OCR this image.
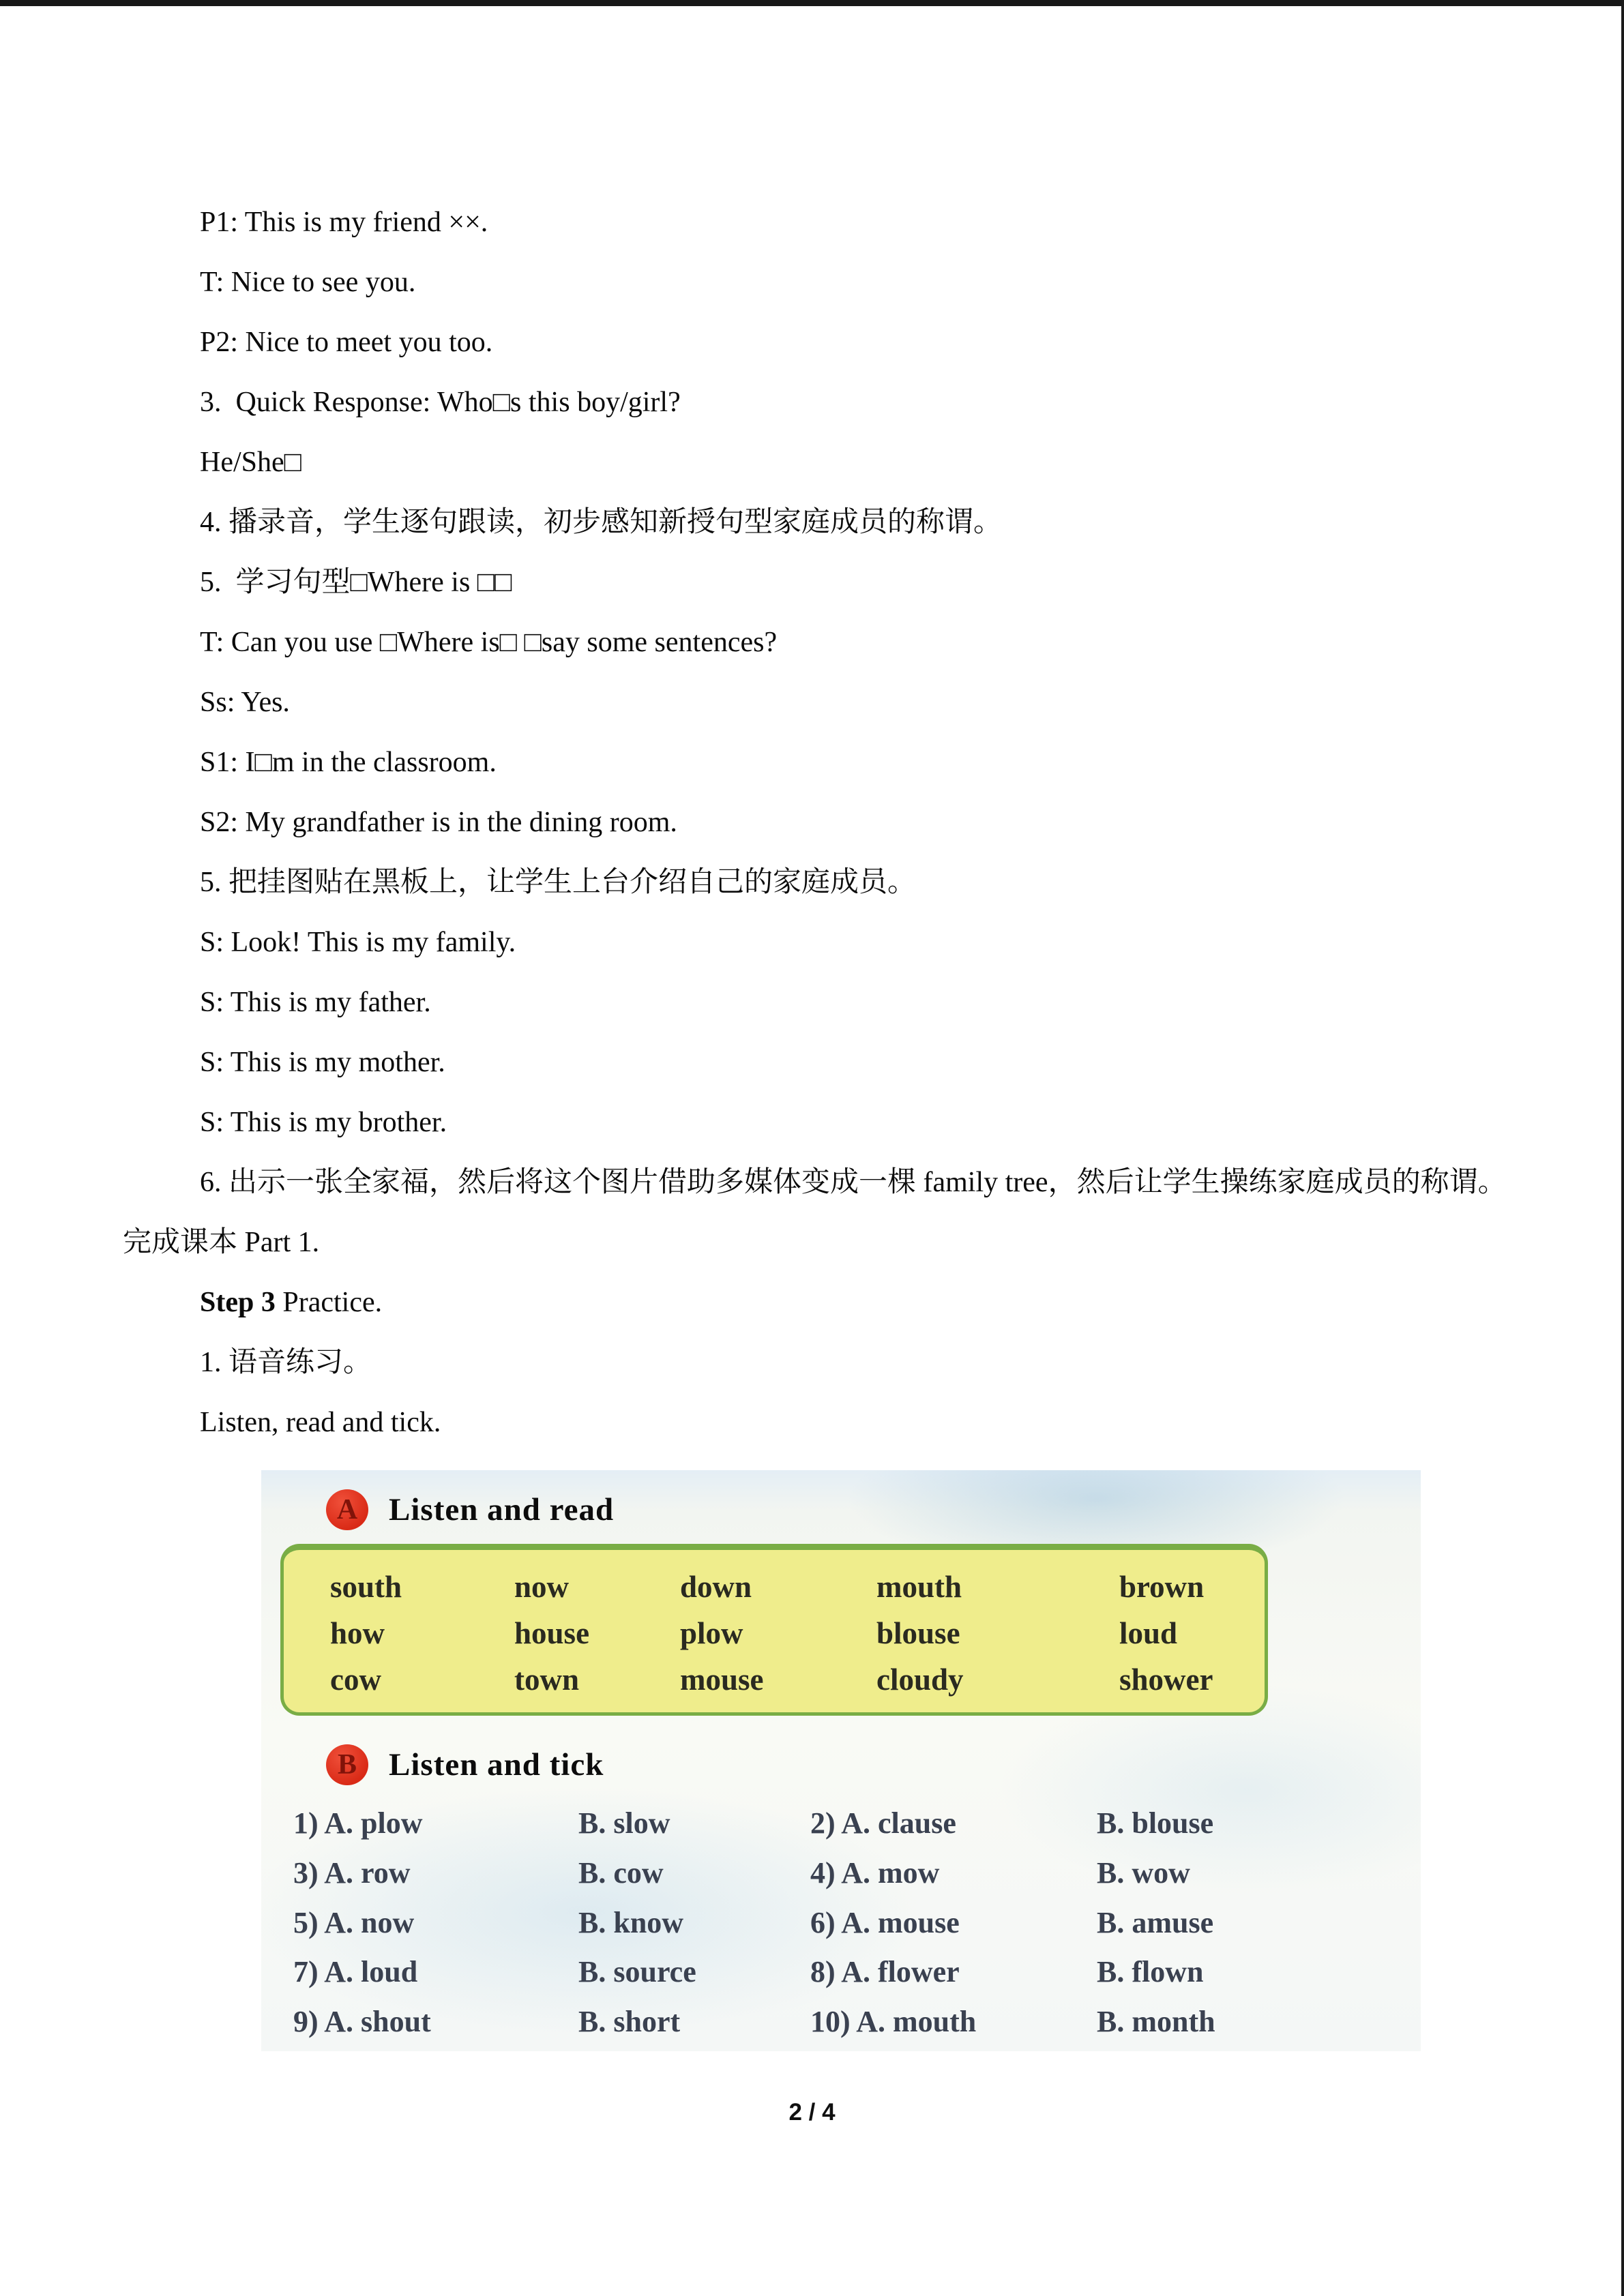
P1: This is my friend ××.

T: Nice to see you.

P2: Nice to meet you too.

3.  Quick Response: Who□s this boy/girl?

He/She□

4. 播录音，学生逐句跟读，初步感知新授句型家庭成员的称谓。

5.  学习句型□Where is □□

T: Can you use □Where is□ □say some sentences?

Ss: Yes.

S1: I□m in the classroom.

S2: My grandfather is in the dining room.

5. 把挂图贴在黑板上，让学生上台介绍自己的家庭成员。

S: Look! This is my family.

S: This is my father.

S: This is my mother.

S: This is my brother.

6. 出示一张全家福，然后将这个图片借助多媒体变成一棵 family tree，然后让学生操练家庭成员的称谓。完成课本 Part 1.

Step 3 Practice.

1. 语音练习。

Listen, read and tick.

A Listen and read
south	now	down	mouth	brown
how	house	plow	blouse	loud
cow	town	mouse	cloudy	shower
B	Listen and tick
1) A. plow	B. slow	2) A. clause	B. blouse
3) A. row	B. cow	4) A. mow	B. wow
5) A. now	B. know	6) A. mouse	B. amuse
7) A. loud	B. source	8) A. flower	B. flown
9) A. shout	B. short	10) A. mouth	B. month
2 / 4
